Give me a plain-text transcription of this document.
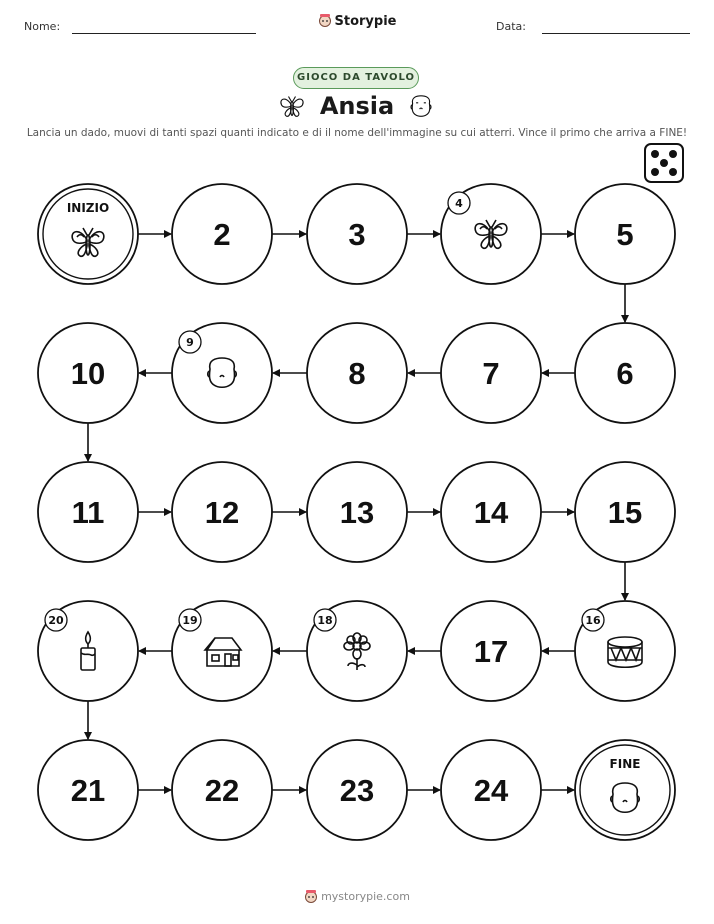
Nome:	Storypie	Data:
GIOCO DA TAVOLO
Ansia
Lancia un dado, muovi di tanti spazi quanti indicato e di il nome dell'immagine su cui atterri. Vince il primo che arriva a FINE!
INIZIO
2	3
4
5
6
7
8
9
10
11	12	13	14	15
16
17
18
19
20
21	22	23	24
FINE
mystorypie.com
